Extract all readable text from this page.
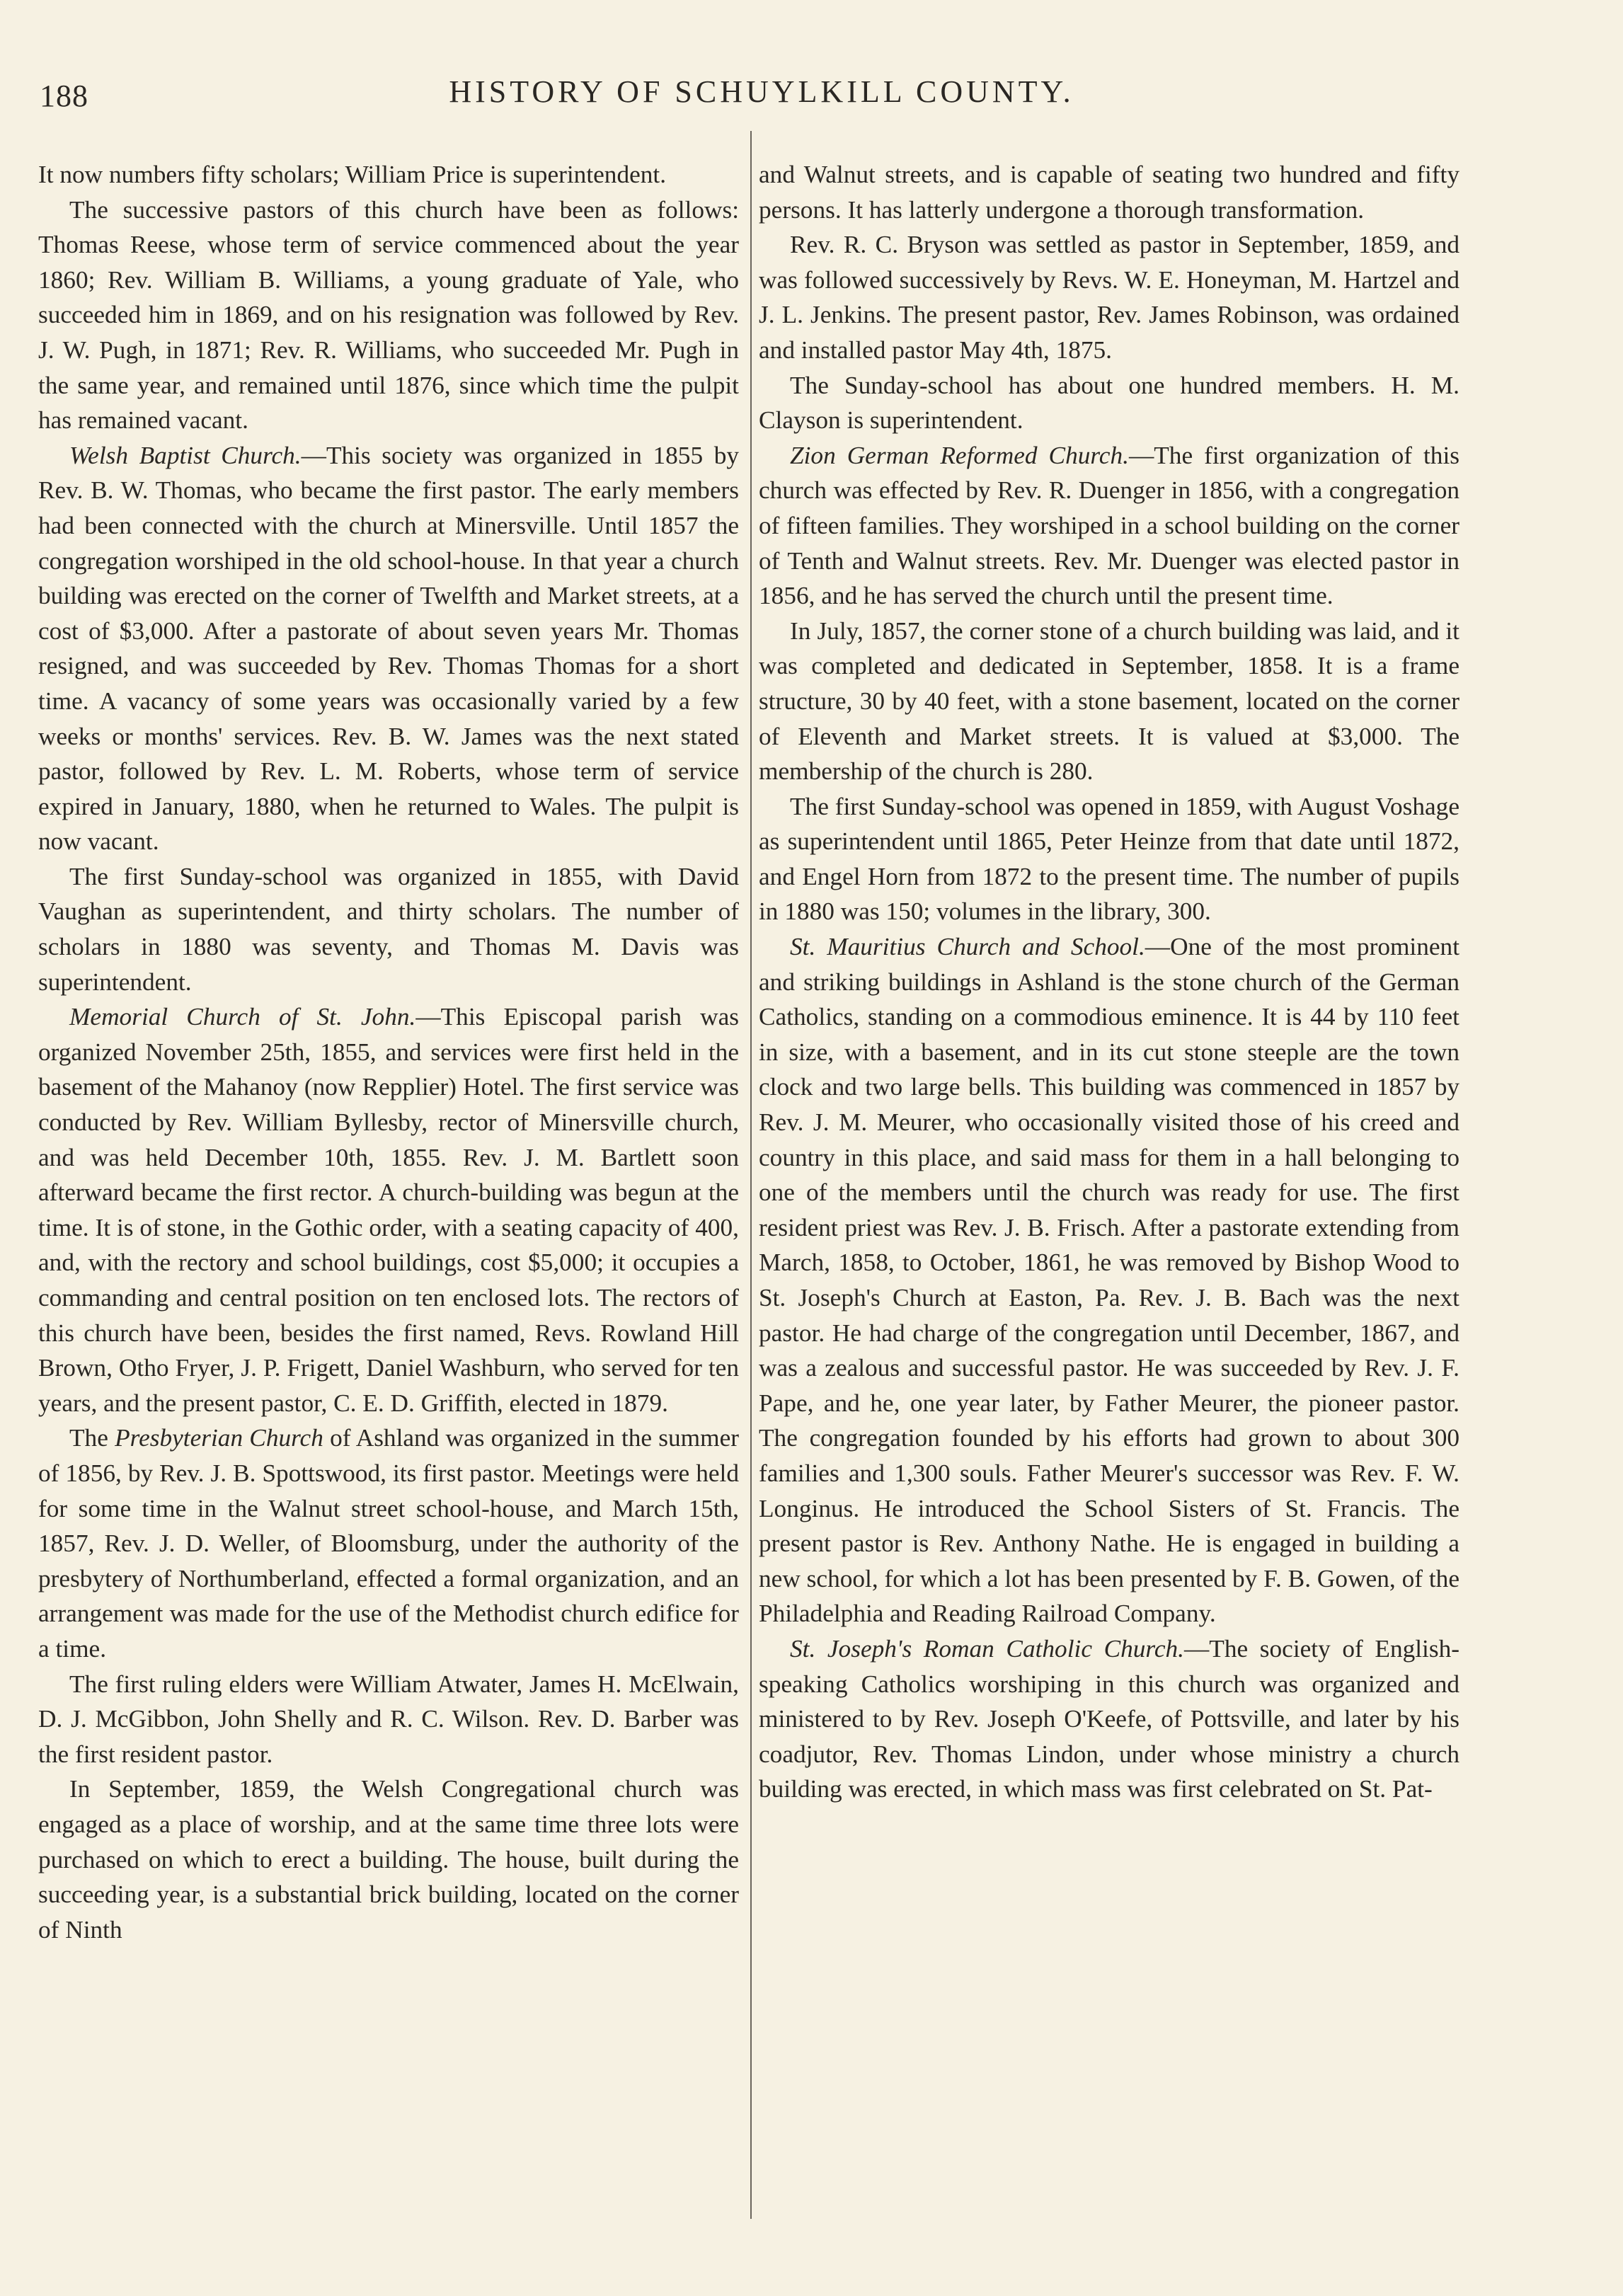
188	HISTORY OF SCHUYLKILL COUNTY.

It now numbers fifty scholars; William Price is superintendent.

The successive pastors of this church have been as follows: Thomas Reese, whose term of service commenced about the year 1860; Rev. William B. Williams, a young graduate of Yale, who succeeded him in 1869, and on his resignation was followed by Rev. J. W. Pugh, in 1871; Rev. R. Williams, who succeeded Mr. Pugh in the same year, and remained until 1876, since which time the pulpit has remained vacant.

Welsh Baptist Church.—This society was organized in 1855 by Rev. B. W. Thomas, who became the first pastor. The early members had been connected with the church at Minersville. Until 1857 the congregation worshiped in the old school-house. In that year a church building was erected on the corner of Twelfth and Market streets, at a cost of $3,000. After a pastorate of about seven years Mr. Thomas resigned, and was succeeded by Rev. Thomas Thomas for a short time. A vacancy of some years was occasionally varied by a few weeks or months' services. Rev. B. W. James was the next stated pastor, followed by Rev. L. M. Roberts, whose term of service expired in January, 1880, when he returned to Wales. The pulpit is now vacant.

The first Sunday-school was organized in 1855, with David Vaughan as superintendent, and thirty scholars. The number of scholars in 1880 was seventy, and Thomas M. Davis was superintendent.

Memorial Church of St. John.—This Episcopal parish was organized November 25th, 1855, and services were first held in the basement of the Mahanoy (now Repplier) Hotel. The first service was conducted by Rev. William Byllesby, rector of Minersville church, and was held December 10th, 1855. Rev. J. M. Bartlett soon afterward became the first rector. A church-building was begun at the time. It is of stone, in the Gothic order, with a seating capacity of 400, and, with the rectory and school buildings, cost $5,000; it occupies a commanding and central position on ten enclosed lots. The rectors of this church have been, besides the first named, Revs. Rowland Hill Brown, Otho Fryer, J. P. Frigett, Daniel Washburn, who served for ten years, and the present pastor, C. E. D. Griffith, elected in 1879.

The Presbyterian Church of Ashland was organized in the summer of 1856, by Rev. J. B. Spottswood, its first pastor. Meetings were held for some time in the Walnut street school-house, and March 15th, 1857, Rev. J. D. Weller, of Bloomsburg, under the authority of the presbytery of Northumberland, effected a formal organization, and an arrangement was made for the use of the Methodist church edifice for a time.

The first ruling elders were William Atwater, James H. McElwain, D. J. McGibbon, John Shelly and R. C. Wilson. Rev. D. Barber was the first resident pastor.

In September, 1859, the Welsh Congregational church was engaged as a place of worship, and at the same time three lots were purchased on which to erect a building. The house, built during the succeeding year, is a substantial brick building, located on the corner of Ninth

and Walnut streets, and is capable of seating two hundred and fifty persons. It has latterly undergone a thorough transformation.

Rev. R. C. Bryson was settled as pastor in September, 1859, and was followed successively by Revs. W. E. Honeyman, M. Hartzel and J. L. Jenkins. The present pastor, Rev. James Robinson, was ordained and installed pastor May 4th, 1875.

The Sunday-school has about one hundred members. H. M. Clayson is superintendent.

Zion German Reformed Church.—The first organization of this church was effected by Rev. R. Duenger in 1856, with a congregation of fifteen families. They worshiped in a school building on the corner of Tenth and Walnut streets. Rev. Mr. Duenger was elected pastor in 1856, and he has served the church until the present time.

In July, 1857, the corner stone of a church building was laid, and it was completed and dedicated in September, 1858. It is a frame structure, 30 by 40 feet, with a stone basement, located on the corner of Eleventh and Market streets. It is valued at $3,000. The membership of the church is 280.

The first Sunday-school was opened in 1859, with August Voshage as superintendent until 1865, Peter Heinze from that date until 1872, and Engel Horn from 1872 to the present time. The number of pupils in 1880 was 150; volumes in the library, 300.

St. Mauritius Church and School.—One of the most prominent and striking buildings in Ashland is the stone church of the German Catholics, standing on a commodious eminence. It is 44 by 110 feet in size, with a basement, and in its cut stone steeple are the town clock and two large bells. This building was commenced in 1857 by Rev. J. M. Meurer, who occasionally visited those of his creed and country in this place, and said mass for them in a hall belonging to one of the members until the church was ready for use. The first resident priest was Rev. J. B. Frisch. After a pastorate extending from March, 1858, to October, 1861, he was removed by Bishop Wood to St. Joseph's Church at Easton, Pa. Rev. J. B. Bach was the next pastor. He had charge of the congregation until December, 1867, and was a zealous and successful pastor. He was succeeded by Rev. J. F. Pape, and he, one year later, by Father Meurer, the pioneer pastor. The congregation founded by his efforts had grown to about 300 families and 1,300 souls. Father Meurer's successor was Rev. F. W. Longinus. He introduced the School Sisters of St. Francis. The present pastor is Rev. Anthony Nathe. He is engaged in building a new school, for which a lot has been presented by F. B. Gowen, of the Philadelphia and Reading Railroad Company.

St. Joseph's Roman Catholic Church.—The society of English-speaking Catholics worshiping in this church was organized and ministered to by Rev. Joseph O'Keefe, of Pottsville, and later by his coadjutor, Rev. Thomas Lindon, under whose ministry a church building was erected, in which mass was first celebrated on St. Pat-
